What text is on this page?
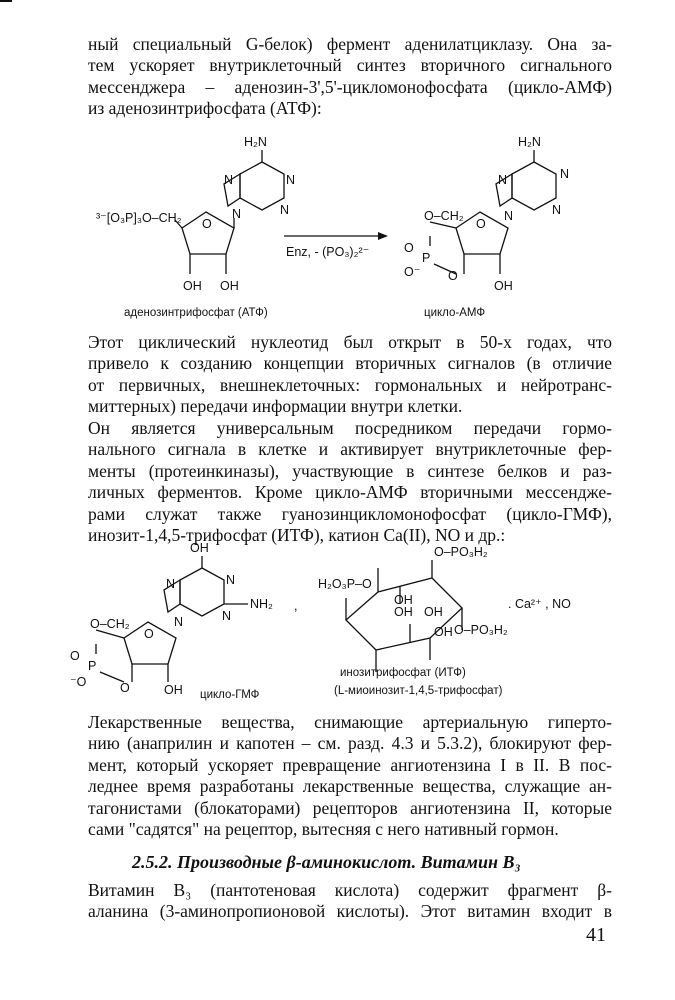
ный специальный G-белок) фермент аденилатциклазу. Она за-
тем ускоряет внутриклеточный синтез вторичного сигнального
мессенджера – аденозин-3',5'-цикломонофосфата (цикло-АМФ)
из аденозинтрифосфата (АТФ):
H₂N
N	N
N
N
O
³⁻[O₃P]₃O–CH₂
OH OH
Enz, - (PO₃)₂²⁻
H₂N
N	N
N
N
O–CH₂
O
O
P
O⁻ O
OH
аденозинтрифосфат (АТФ)	цикло-АМФ
Этот циклический нуклеотид был открыт в 50-х годах, что
привело к созданию концепции вторичных сигналов (в отличие
от первичных, внешнеклеточных: гормональных и нейротранс-
миттерных) передачи информации внутри клетки.
Он является универсальным посредником передачи гормо-
нального сигнала в клетке и активирует внутриклеточные фер-
менты (протеинкиназы), участвующие в синтезе белков и раз-
личных ферментов. Кроме цикло-АМФ вторичными мессендже-
рами служат также гуанозинцикломонофосфат (цикло-ГМФ),
инозит-1,4,5-трифосфат (ИТФ), катион Ca(II), NO и др.:
OH
N
N
N
N
NH₂ ,
O–CH₂
O
O
P
⁻O	O	OH цикло-ГМФ
O–PO₃H₂
H₂O₃P–O
OH
OH OH
OH O–PO₃H₂
. Ca²⁺ , NO
инозитрифосфат (ИТФ)
(L-миоинозит-1,4,5-трифосфат)
Лекарственные вещества, снимающие артериальную гиперто-
нию (анаприлин и капотен – см. разд. 4.3 и 5.3.2), блокируют фер-
мент, который ускоряет превращение ангиотензина I в II. В пос-
леднее время разработаны лекарственные вещества, служащие ан-
тагонистами (блокаторами) рецепторов ангиотензина II, которые
сами "садятся" на рецептор, вытесняя с него нативный гормон.
2.5.2. Производные β-аминокислот. Витамин B₃
Витамин B₃ (пантотеновая кислота) содержит фрагмент β-
аланина (3-аминопропионовой кислоты). Этот витамин входит в
41
